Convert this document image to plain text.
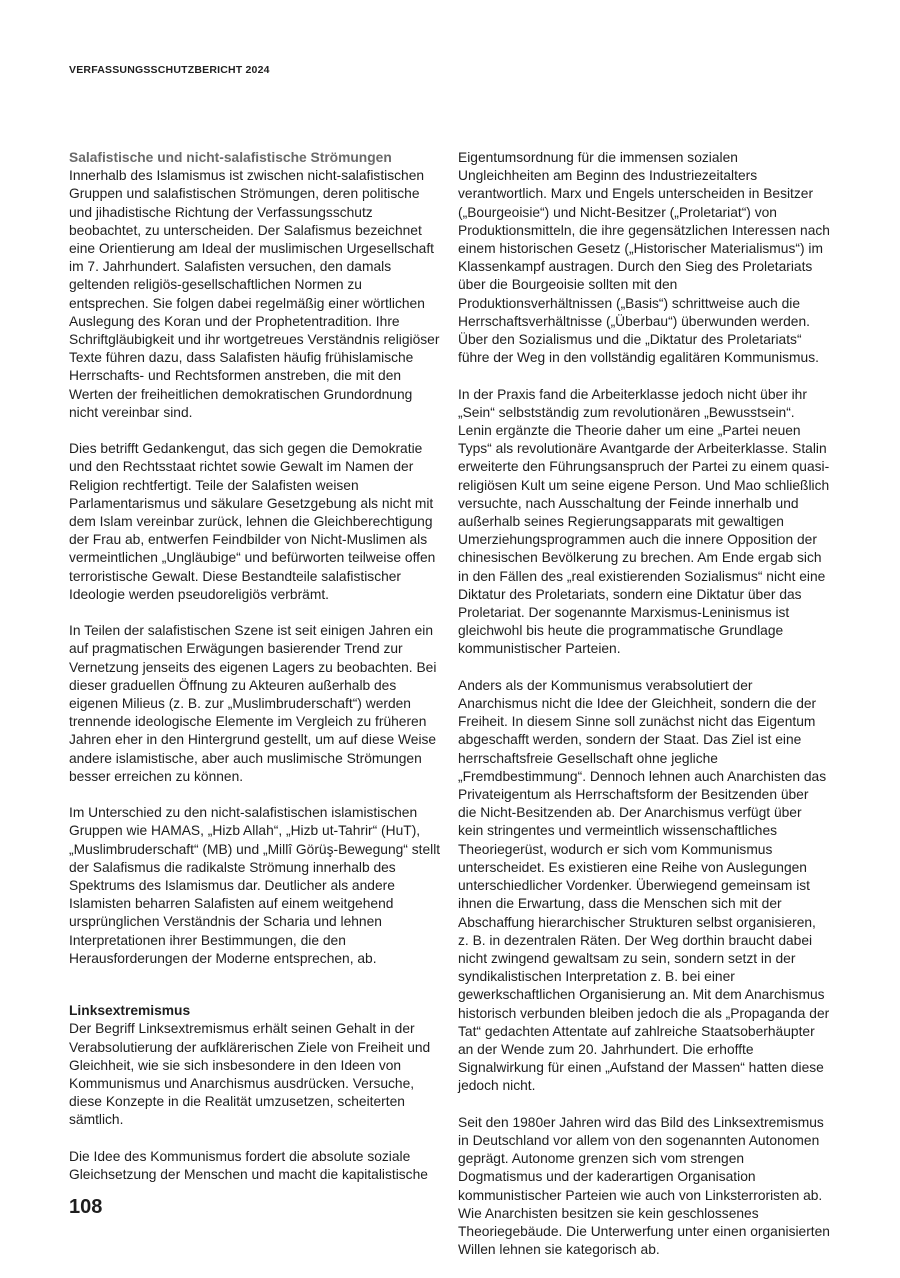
VERFASSUNGSSCHUTZBERICHT 2024
Salafistische und nicht-salafistische Strömungen

Innerhalb des Islamismus ist zwischen nicht-salafistischen Gruppen und salafistischen Strömungen, deren politische und jihadistische Richtung der Verfassungsschutz beobachtet, zu unterscheiden. Der Salafismus bezeichnet eine Orientierung am Ideal der muslimischen Urgesellschaft im 7. Jahrhundert. Salafisten versuchen, den damals geltenden religiös-gesellschaftlichen Normen zu entsprechen. Sie folgen dabei regelmäßig einer wörtlichen Auslegung des Koran und der Prophetentradition. Ihre Schriftgläubigkeit und ihr wortgetreues Verständnis religiöser Texte führen dazu, dass Salafisten häufig frühislamische Herrschafts- und Rechtsformen anstreben, die mit den Werten der freiheitlichen demokratischen Grundordnung nicht vereinbar sind.

Dies betrifft Gedankengut, das sich gegen die Demokratie und den Rechtsstaat richtet sowie Gewalt im Namen der Religion rechtfertigt. Teile der Salafisten weisen Parlamentarismus und säkulare Gesetzgebung als nicht mit dem Islam vereinbar zurück, lehnen die Gleichberechtigung der Frau ab, entwerfen Feindbilder von Nicht-Muslimen als vermeintlichen „Ungläubige“ und befürworten teilweise offen terroristische Gewalt. Diese Bestandteile salafistischer Ideologie werden pseudoreligiös verbrämt.

In Teilen der salafistischen Szene ist seit einigen Jahren ein auf pragmatischen Erwägungen basierender Trend zur Vernetzung jenseits des eigenen Lagers zu beobachten. Bei dieser graduellen Öffnung zu Akteuren außerhalb des eigenen Milieus (z. B. zur „Muslimbruderschaft“) werden trennende ideologische Elemente im Vergleich zu früheren Jahren eher in den Hintergrund gestellt, um auf diese Weise andere islamistische, aber auch muslimische Strömungen besser erreichen zu können.

Im Unterschied zu den nicht-salafistischen islamistischen Gruppen wie HAMAS, „Hizb Allah“, „Hizb ut-Tahrir“ (HuT), „Muslimbruderschaft“ (MB) und „Millî Görüş-Bewegung“ stellt der Salafismus die radikalste Strömung innerhalb des Spektrums des Islamismus dar. Deutlicher als andere Islamisten beharren Salafisten auf einem weitgehend ursprünglichen Verständnis der Scharia und lehnen Interpretationen ihrer Bestimmungen, die den Herausforderungen der Moderne entsprechen, ab.

Linksextremismus

Der Begriff Linksextremismus erhält seinen Gehalt in der Verabsolutierung der aufklärerischen Ziele von Freiheit und Gleichheit, wie sie sich insbesondere in den Ideen von Kommunismus und Anarchismus ausdrücken. Versuche, diese Konzepte in die Realität umzusetzen, scheiterten sämtlich.

Die Idee des Kommunismus fordert die absolute soziale Gleichsetzung der Menschen und macht die kapitalistische

Eigentumsordnung für die immensen sozialen Ungleichheiten am Beginn des Industriezeitalters verantwortlich. Marx und Engels unterscheiden in Besitzer („Bourgeoisie“) und Nicht-Besitzer („Proletariat“) von Produktionsmitteln, die ihre gegensätzlichen Interessen nach einem historischen Gesetz („Historischer Materialismus“) im Klassenkampf austragen. Durch den Sieg des Proletariats über die Bourgeoisie sollten mit den Produktionsverhältnissen („Basis“) schrittweise auch die Herrschaftsverhältnisse („Überbau“) überwunden werden. Über den Sozialismus und die „Diktatur des Proletariats“ führe der Weg in den vollständig egalitären Kommunismus.

In der Praxis fand die Arbeiterklasse jedoch nicht über ihr „Sein“ selbstständig zum revolutionären „Bewusstsein“. Lenin ergänzte die Theorie daher um eine „Partei neuen Typs“ als revolutionäre Avantgarde der Arbeiterklasse. Stalin erweiterte den Führungsanspruch der Partei zu einem quasi-religiösen Kult um seine eigene Person. Und Mao schließlich versuchte, nach Ausschaltung der Feinde innerhalb und außerhalb seines Regierungsapparats mit gewaltigen Umerziehungsprogrammen auch die innere Opposition der chinesischen Bevölkerung zu brechen. Am Ende ergab sich in den Fällen des „real existierenden Sozialismus“ nicht eine Diktatur des Proletariats, sondern eine Diktatur über das Proletariat. Der sogenannte Marxismus-Leninismus ist gleichwohl bis heute die programmatische Grundlage kommunistischer Parteien.

Anders als der Kommunismus verabsolutiert der Anarchismus nicht die Idee der Gleichheit, sondern die der Freiheit. In diesem Sinne soll zunächst nicht das Eigentum abgeschafft werden, sondern der Staat. Das Ziel ist eine herrschaftsfreie Gesellschaft ohne jegliche „Fremdbestimmung“. Dennoch lehnen auch Anarchisten das Privateigentum als Herrschaftsform der Besitzenden über die Nicht-Besitzenden ab. Der Anarchismus verfügt über kein stringentes und vermeintlich wissenschaftliches Theoriegerüst, wodurch er sich vom Kommunismus unterscheidet. Es existieren eine Reihe von Auslegungen unterschiedlicher Vordenker. Überwiegend gemeinsam ist ihnen die Erwartung, dass die Menschen sich mit der Abschaffung hierarchischer Strukturen selbst organisieren, z. B. in dezentralen Räten. Der Weg dorthin braucht dabei nicht zwingend gewaltsam zu sein, sondern setzt in der syndikalistischen Interpretation z. B. bei einer gewerkschaftlichen Organisierung an. Mit dem Anarchismus historisch verbunden bleiben jedoch die als „Propaganda der Tat“ gedachten Attentate auf zahlreiche Staatsoberhäupter an der Wende zum 20. Jahrhundert. Die erhoffte Signalwirkung für einen „Aufstand der Massen“ hatten diese jedoch nicht.

Seit den 1980er Jahren wird das Bild des Linksextremismus in Deutschland vor allem von den sogenannten Autonomen geprägt. Autonome grenzen sich vom strengen Dogmatismus und der kaderartigen Organisation kommunistischer Parteien wie auch von Linksterroristen ab. Wie Anarchisten besitzen sie kein geschlossenes Theoriegebäude. Die Unterwerfung unter einen organisierten Willen lehnen sie kategorisch ab.

108
